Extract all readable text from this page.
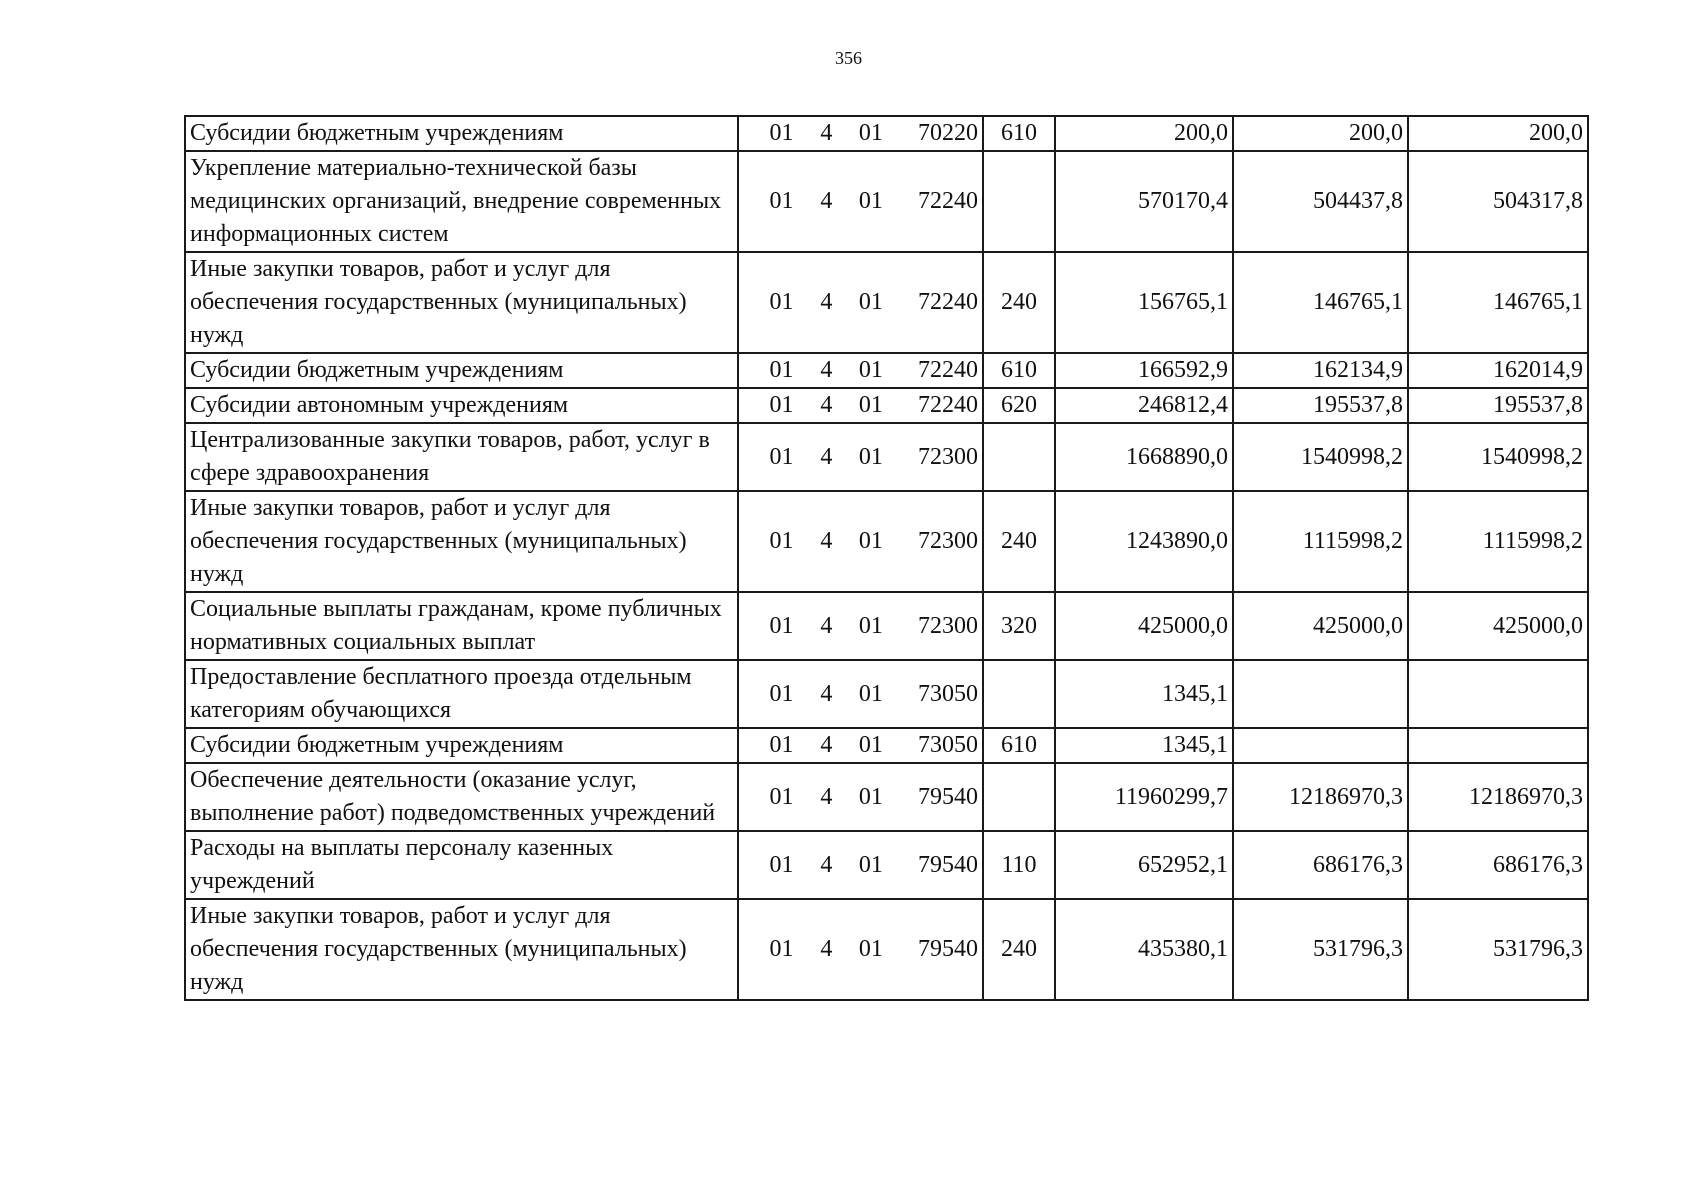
356
Субсидии бюджетным учреждениям	01 4 01 70220	610	200,0	200,0	200,0
Укрепление материально-технической базы медицинских организаций, внедрение современных информационных систем	01 4 01 72240		570170,4	504437,8	504317,8
Иные закупки товаров, работ и услуг для обеспечения государственных (муниципальных) нужд	01 4 01 72240	240	156765,1	146765,1	146765,1
Субсидии бюджетным учреждениям	01 4 01 72240	610	166592,9	162134,9	162014,9
Субсидии автономным учреждениям	01 4 01 72240	620	246812,4	195537,8	195537,8
Централизованные закупки товаров, работ, услуг в сфере здравоохранения	01 4 01 72300		1668890,0	1540998,2	1540998,2
Иные закупки товаров, работ и услуг для обеспечения государственных (муниципальных) нужд	01 4 01 72300	240	1243890,0	1115998,2	1115998,2
Социальные выплаты гражданам, кроме публичных нормативных социальных выплат	01 4 01 72300	320	425000,0	425000,0	425000,0
Предоставление бесплатного проезда отдельным категориям обучающихся	01 4 01 73050		1345,1		
Субсидии бюджетным учреждениям	01 4 01 73050	610	1345,1		
Обеспечение деятельности (оказание услуг, выполнение работ) подведомственных учреждений	01 4 01 79540		11960299,7	12186970,3	12186970,3
Расходы на выплаты персоналу казенных учреждений	01 4 01 79540	110	652952,1	686176,3	686176,3
Иные закупки товаров, работ и услуг для обеспечения государственных (муниципальных) нужд	01 4 01 79540	240	435380,1	531796,3	531796,3
